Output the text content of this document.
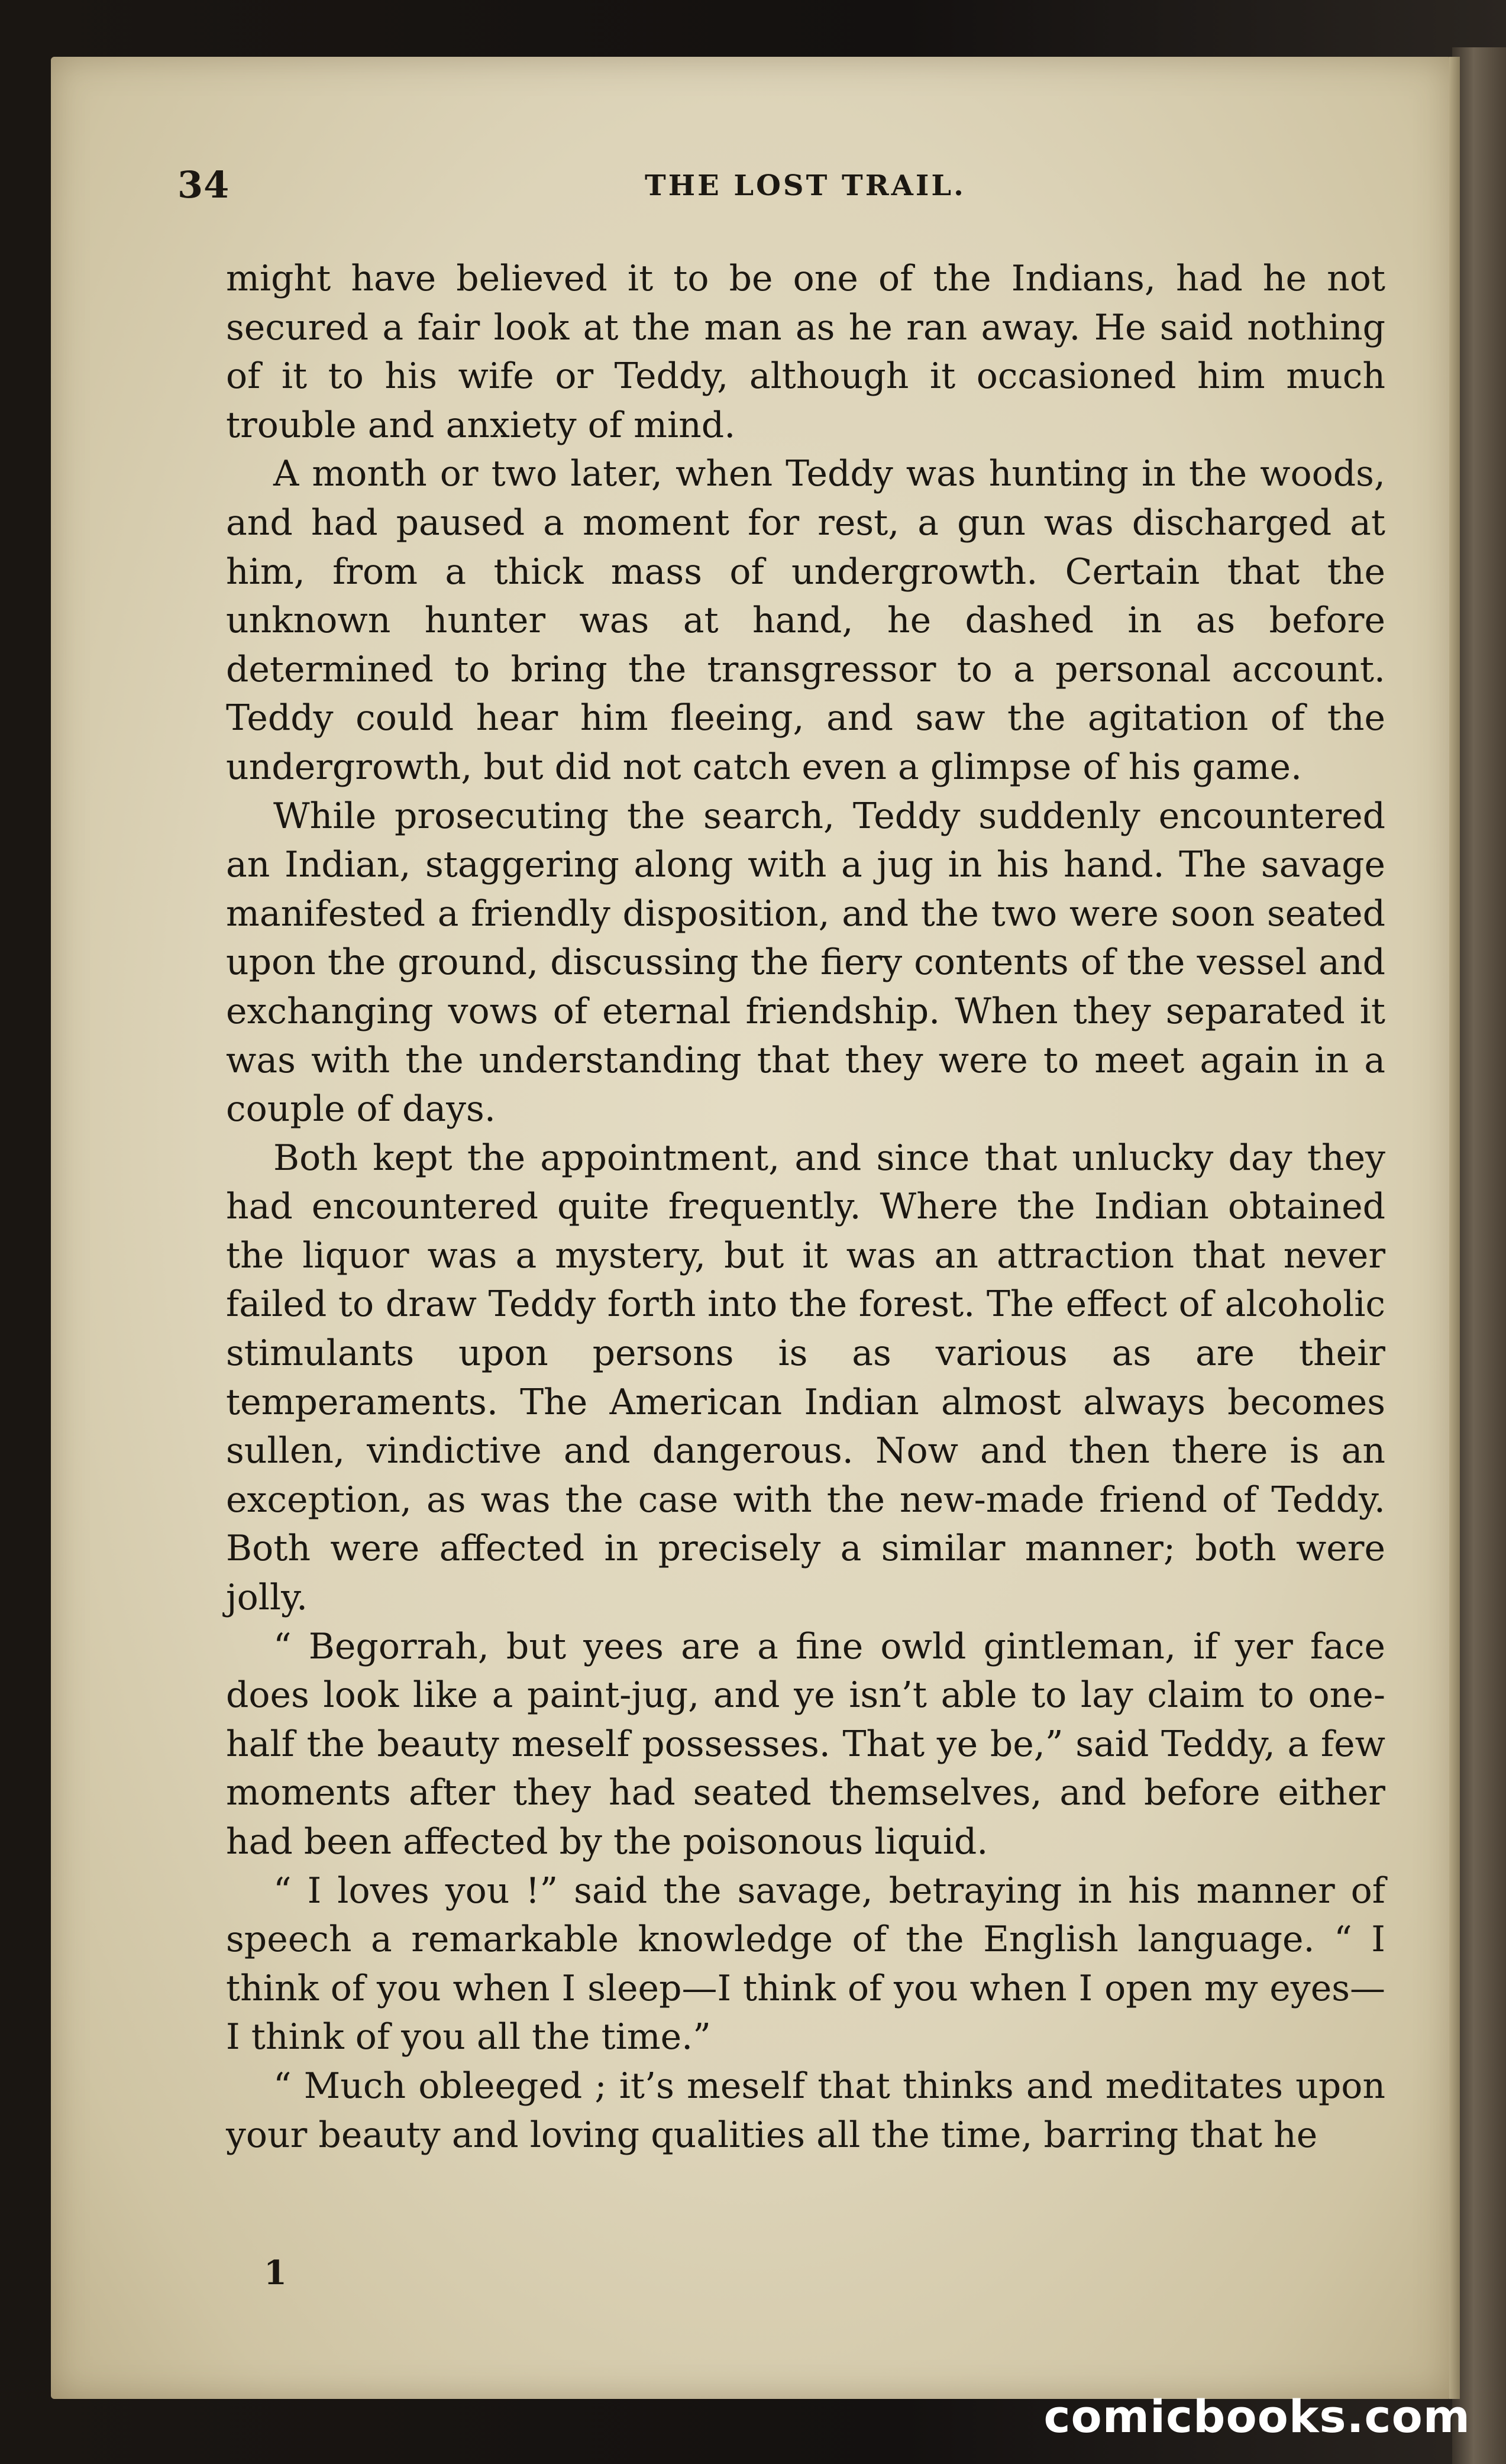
34	THE LOST TRAIL.

might have believed it to be one of the Indians, had he not secured a fair look at the man as he ran away. He said nothing of it to his wife or Teddy, although it occasioned him much trouble and anxiety of mind.

A month or two later, when Teddy was hunting in the woods, and had paused a moment for rest, a gun was discharged at him, from a thick mass of undergrowth. Certain that the unknown hunter was at hand, he dashed in as before determined to bring the transgressor to a personal account. Teddy could hear him fleeing, and saw the agitation of the undergrowth, but did not catch even a glimpse of his game.

While prosecuting the search, Teddy suddenly encountered an Indian, staggering along with a jug in his hand. The savage manifested a friendly disposition, and the two were soon seated upon the ground, discussing the fiery contents of the vessel and exchanging vows of eternal friendship. When they separated it was with the understanding that they were to meet again in a couple of days.

Both kept the appointment, and since that unlucky day they had encountered quite frequently. Where the Indian obtained the liquor was a mystery, but it was an attraction that never failed to draw Teddy forth into the forest. The effect of alcoholic stimulants upon persons is as various as are their temperaments. The American Indian almost always becomes sullen, vindictive and dangerous. Now and then there is an exception, as was the case with the new-made friend of Teddy. Both were affected in precisely a similar manner; both were jolly.

“ Begorrah, but yees are a fine owld gintleman, if yer face does look like a paint-jug, and ye isn’t able to lay claim to one-half the beauty meself possesses. That ye be,” said Teddy, a few moments after they had seated themselves, and before either had been affected by the poisonous liquid.

“ I loves you !” said the savage, betraying in his manner of speech a remarkable knowledge of the English language. “ I think of you when I sleep—I think of you when I open my eyes—I think of you all the time.”

“ Much obleeged ; it’s meself that thinks and meditates upon your beauty and loving qualities all the time, barring that he

1
comicbooks.com
